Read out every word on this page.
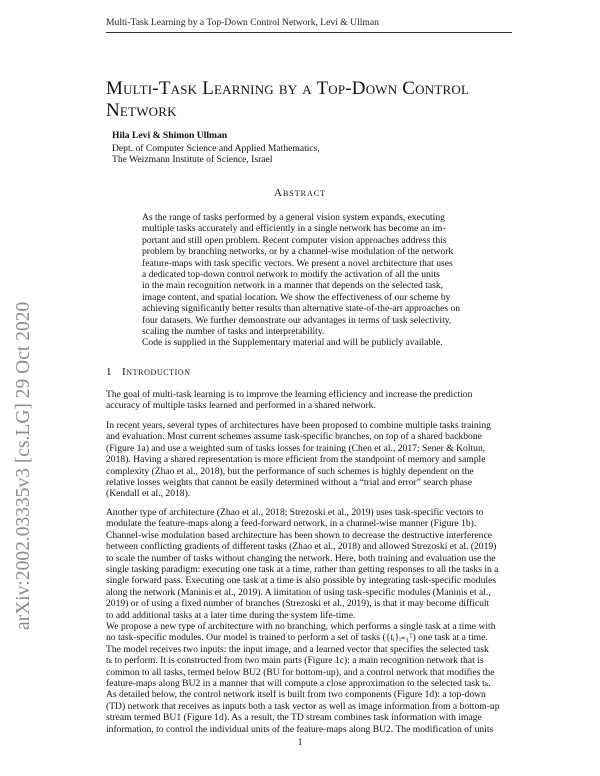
Multi-Task Learning by a Top-Down Control Network, Levi & Ullman
arXiv:2002.03335v3 [cs.LG] 29 Oct 2020
Multi-Task Learning by a Top-Down Control
Network
Hila Levi & Shimon Ullman
Dept. of Computer Science and Applied Mathematics,
The Weizmann Institute of Science, Israel
Abstract
As the range of tasks performed by a general vision system expands, executing
multiple tasks accurately and efficiently in a single network has become an im-
portant and still open problem. Recent computer vision approaches address this
problem by branching networks, or by a channel-wise modulation of the network
feature-maps with task specific vectors. We present a novel architecture that uses
a dedicated top-down control network to modify the activation of all the units
in the main recognition network in a manner that depends on the selected task,
image content, and spatial location. We show the effectiveness of our scheme by
achieving significantly better results than alternative state-of-the-art approaches on
four datasets. We further demonstrate our advantages in terms of task selectivity,
scaling the number of tasks and interpretability.
Code is supplied in the Supplementary material and will be publicly available.
1 Introduction
The goal of multi-task learning is to improve the learning efficiency and increase the prediction
accuracy of multiple tasks learned and performed in a shared network.
In recent years, several types of architectures have been proposed to combine multiple tasks training
and evaluation. Most current schemes assume task-specific branches, on top of a shared backbone
(Figure 1a) and use a weighted sum of tasks losses for training (Chen et al., 2017; Sener & Koltun,
2018). Having a shared representation is more efficient from the standpoint of memory and sample
complexity (Zhao et al., 2018), but the performance of such schemes is highly dependent on the
relative losses weights that cannot be easily determined without a “trial and error” search phase
(Kendall et al., 2018).
Another type of architecture (Zhao et al., 2018; Strezoski et al., 2019) uses task-specific vectors to
modulate the feature-maps along a feed-forward network, in a channel-wise manner (Figure 1b).
Channel-wise modulation based architecture has been shown to decrease the destructive interference
between conflicting gradients of different tasks (Zhao et al., 2018) and allowed Strezoski et al. (2019)
to scale the number of tasks without changing the network. Here, both training and evaluation use the
single tasking paradigm: executing one task at a time, rather than getting responses to all the tasks in a
single forward pass. Executing one task at a time is also possible by integrating task-specific modules
along the network (Maninis et al., 2019). A limitation of using task-specific modules (Maninis et al.,
2019) or of using a fixed number of branches (Strezoski et al., 2019), is that it may become difficult
to add additional tasks at a later time during the system life-time.
We propose a new type of architecture with no branching, which performs a single task at a time with
no task-specific modules. Our model is trained to perform a set of tasks ({tᵢ}ᵢ₌₁ᵀ) one task at a time.
The model receives two inputs: the input image, and a learned vector that specifies the selected task
tₖ to perform. It is constructed from two main parts (Figure 1c): a main recognition network that is
common to all tasks, termed below BU2 (BU for bottom-up), and a control network that modifies the
feature-maps along BU2 in a manner that will compute a close approximation to the selected task tₖ.
As detailed below, the control network itself is built from two components (Figure 1d): a top-down
(TD) network that receives as inputs both a task vector as well as image information from a bottom-up
stream termed BU1 (Figure 1d). As a result, the TD stream combines task information with image
information, to control the individual units of the feature-maps along BU2. The modification of units
1
